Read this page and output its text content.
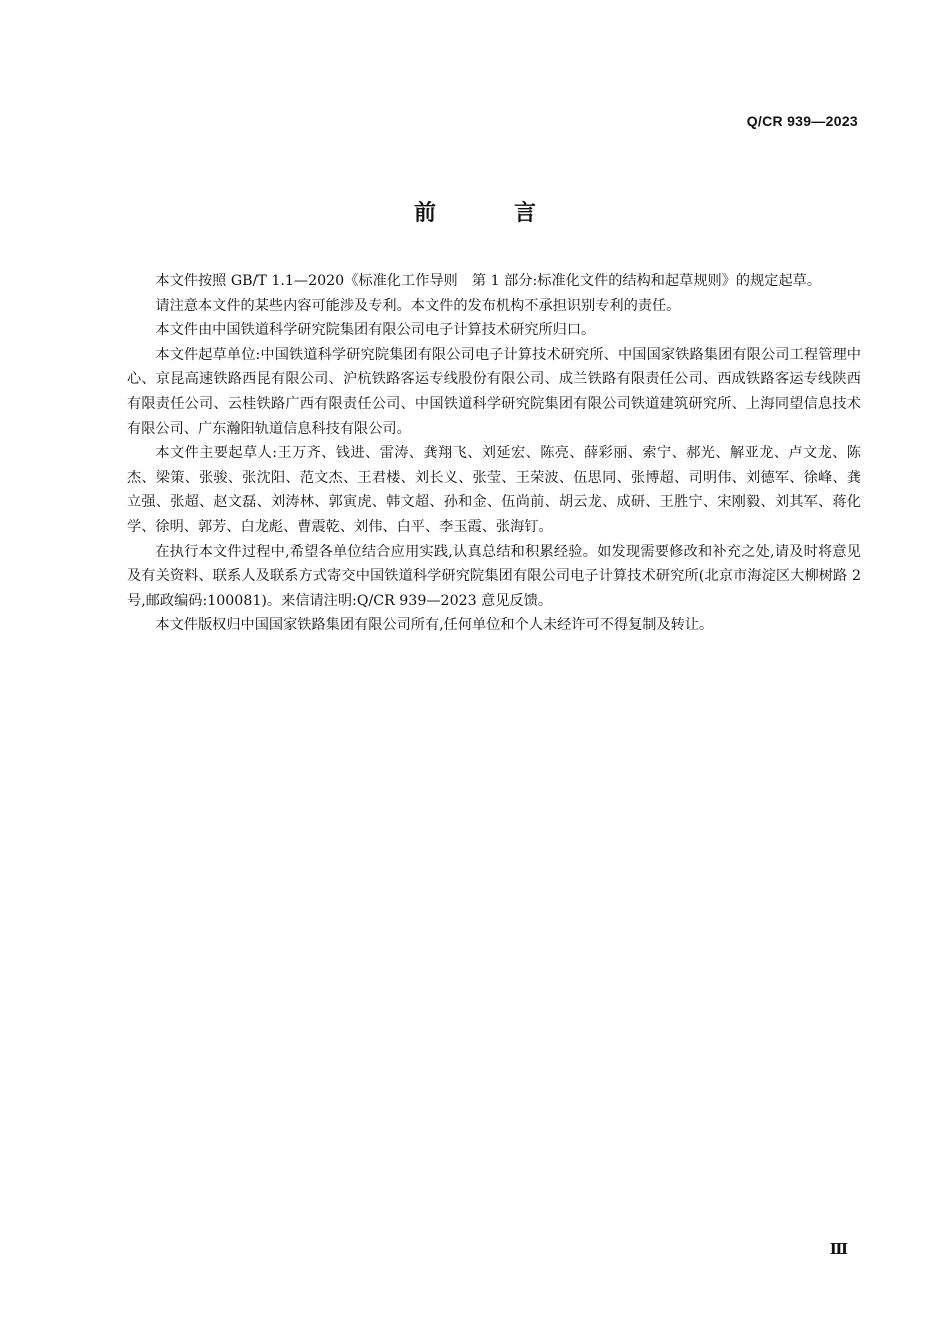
Q/CR 939—2023
前　言

本文件按照 GB/T 1.1—2020《标准化工作导则　第 1 部分:标准化文件的结构和起草规则》的规定起草。

请注意本文件的某些内容可能涉及专利。本文件的发布机构不承担识别专利的责任。

本文件由中国铁道科学研究院集团有限公司电子计算技术研究所归口。

本文件起草单位:中国铁道科学研究院集团有限公司电子计算技术研究所、中国国家铁路集团有限公司工程管理中心、京昆高速铁路西昆有限公司、沪杭铁路客运专线股份有限公司、成兰铁路有限责任公司、西成铁路客运专线陕西有限责任公司、云桂铁路广西有限责任公司、中国铁道科学研究院集团有限公司铁道建筑研究所、上海同望信息技术有限公司、广东瀚阳轨道信息科技有限公司。

本文件主要起草人:王万齐、钱进、雷涛、龚翔飞、刘延宏、陈亮、薛彩丽、索宁、郝光、解亚龙、卢文龙、陈杰、梁策、张骏、张沈阳、范文杰、王君楼、刘长义、张莹、王荣波、伍思同、张博超、司明伟、刘德军、徐峰、龚立强、张超、赵文磊、刘涛林、郭寅虎、韩文超、孙和金、伍尚前、胡云龙、成研、王胜宁、宋刚毅、刘其军、蒋化学、徐明、郭芳、白龙彪、曹震乾、刘伟、白平、李玉霞、张海钉。

在执行本文件过程中,希望各单位结合应用实践,认真总结和积累经验。如发现需要修改和补充之处,请及时将意见及有关资料、联系人及联系方式寄交中国铁道科学研究院集团有限公司电子计算技术研究所(北京市海淀区大柳树路 2 号,邮政编码:100081)。来信请注明:Q/CR 939—2023 意见反馈。

本文件版权归中国国家铁路集团有限公司所有,任何单位和个人未经许可不得复制及转让。

Ⅲ
